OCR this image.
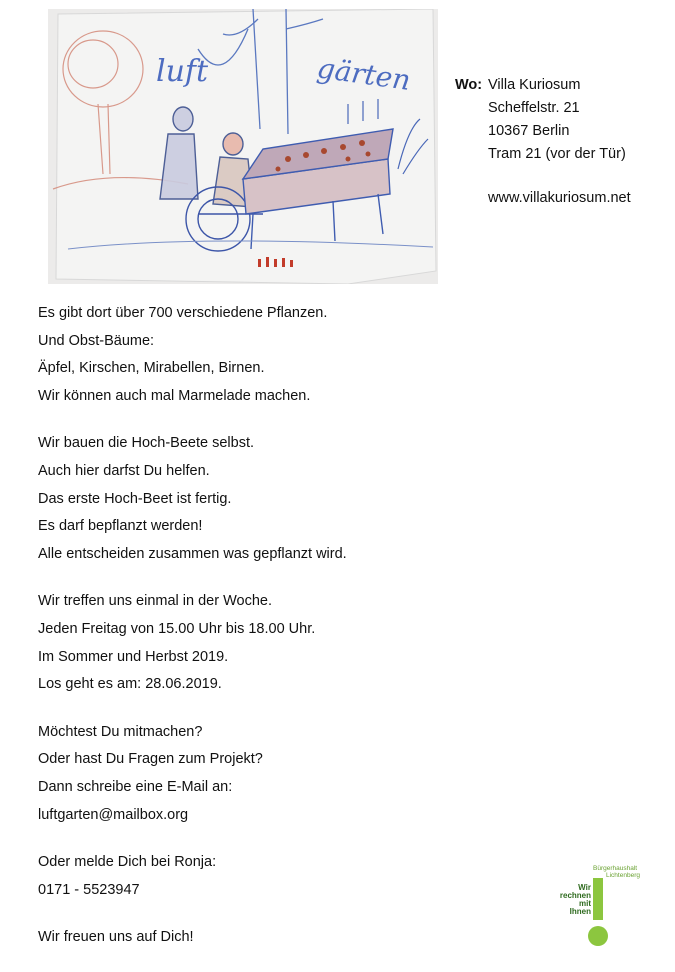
luft	gärten	Wo: Villa Kuriosum
Scheffelstr. 21
10367 Berlin
Tram 21 (vor der Tür)
www.villakuriosum.net
Es gibt dort über 700 verschiedene Pflanzen.
Und Obst-Bäume:
Äpfel, Kirschen, Mirabellen, Birnen.
Wir können auch mal Marmelade machen.
Wir bauen die Hoch-Beete selbst.
Auch hier darfst Du helfen.
Das erste Hoch-Beet ist fertig.
Es darf bepflanzt werden!
Alle entscheiden zusammen was gepflanzt wird.
Wir treffen uns einmal in der Woche.
Jeden Freitag von 15.00 Uhr bis 18.00 Uhr.
Im Sommer und Herbst 2019.
Los geht es am: 28.06.2019.
Möchtest Du mitmachen?
Oder hast Du Fragen zum Projekt?
Dann schreibe eine E-Mail an:
luftgarten@mailbox.org
Oder melde Dich bei Ronja:
0171 - 5523947
Wir freuen uns auf Dich!
Wir
rechnen
mit
Ihnen
Bürgerhaushalt
Lichtenberg
